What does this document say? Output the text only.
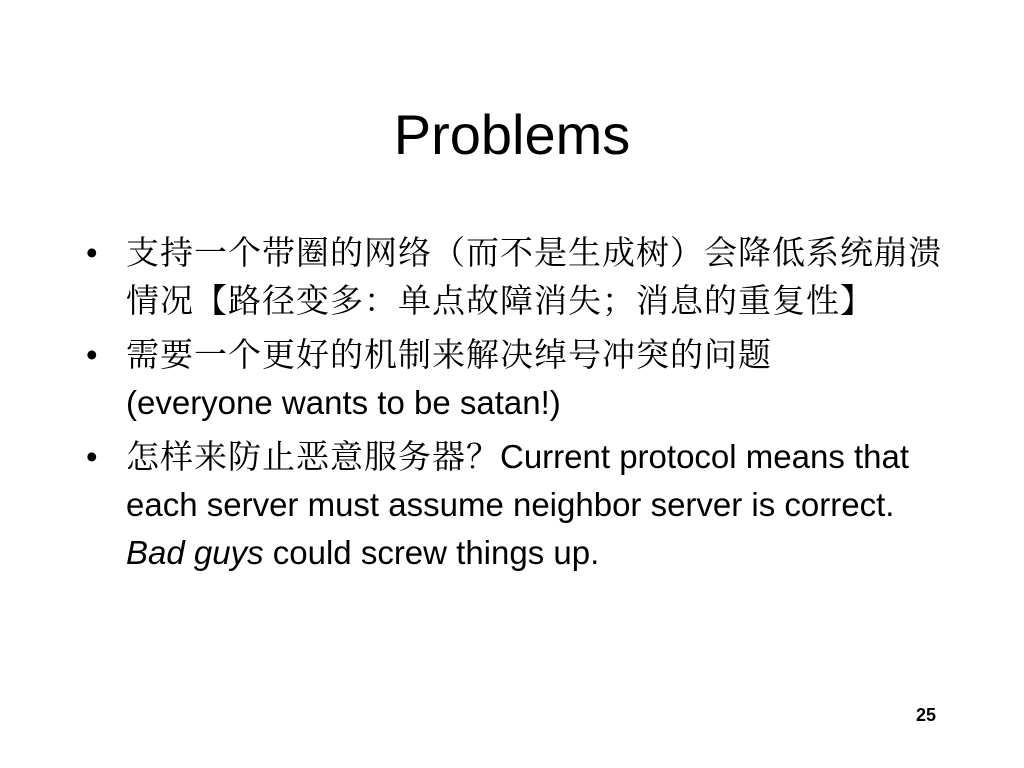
Problems
• 支持一个带圈的网络（而不是生成树）会降低系统崩溃情况【路径变多：单点故障消失；消息的重复性】
• 需要一个更好的机制来解决绰号冲突的问题
(everyone wants to be satan!)
• 怎样来防止恶意服务器？Current protocol means that each server must assume neighbor server is correct. Bad guys could screw things up.
25
